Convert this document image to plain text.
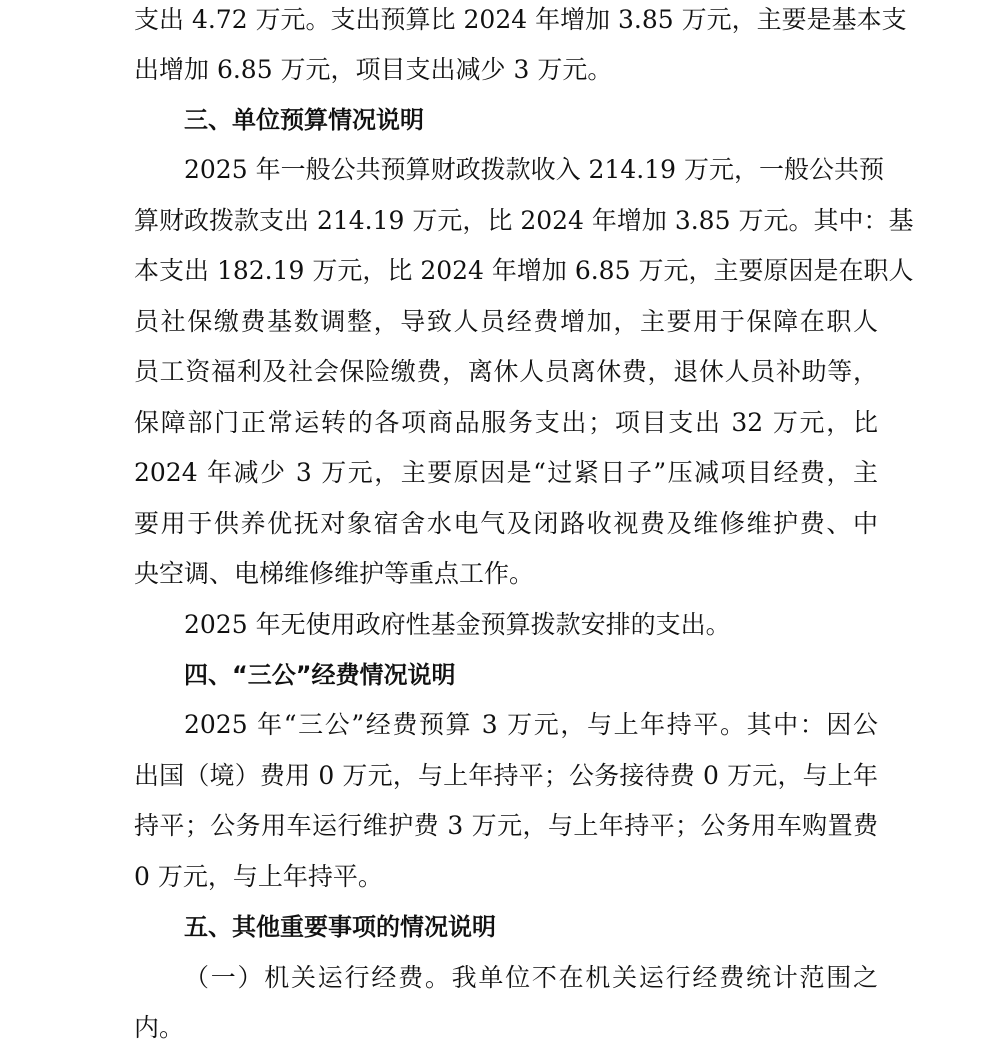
支出 4.72 万元。支出预算比 2024 年增加 3.85 万元，主要是基本支
出增加 6.85 万元，项目支出减少 3 万元。
三、单位预算情况说明
2025 年一般公共预算财政拨款收入 214.19 万元，一般公共预
算财政拨款支出 214.19 万元，比 2024 年增加 3.85 万元。其中：基
本支出 182.19 万元，比 2024 年增加 6.85 万元，主要原因是在职人
员社保缴费基数调整，导致人员经费增加，主要用于保障在职人
员工资福利及社会保险缴费，离休人员离休费，退休人员补助等，
保障部门正常运转的各项商品服务支出；项目支出 32 万元，比
2024 年减少 3 万元，主要原因是“过紧日子”压减项目经费，主
要用于供养优抚对象宿舍水电气及闭路收视费及维修维护费、中
央空调、电梯维修维护等重点工作。
2025 年无使用政府性基金预算拨款安排的支出。
四、“三公”经费情况说明
2025 年“三公”经费预算 3 万元，与上年持平。其中：因公
出国（境）费用 0 万元，与上年持平；公务接待费 0 万元，与上年
持平；公务用车运行维护费 3 万元，与上年持平；公务用车购置费
0 万元，与上年持平。
五、其他重要事项的情况说明
（一）机关运行经费。我单位不在机关运行经费统计范围之
内。
